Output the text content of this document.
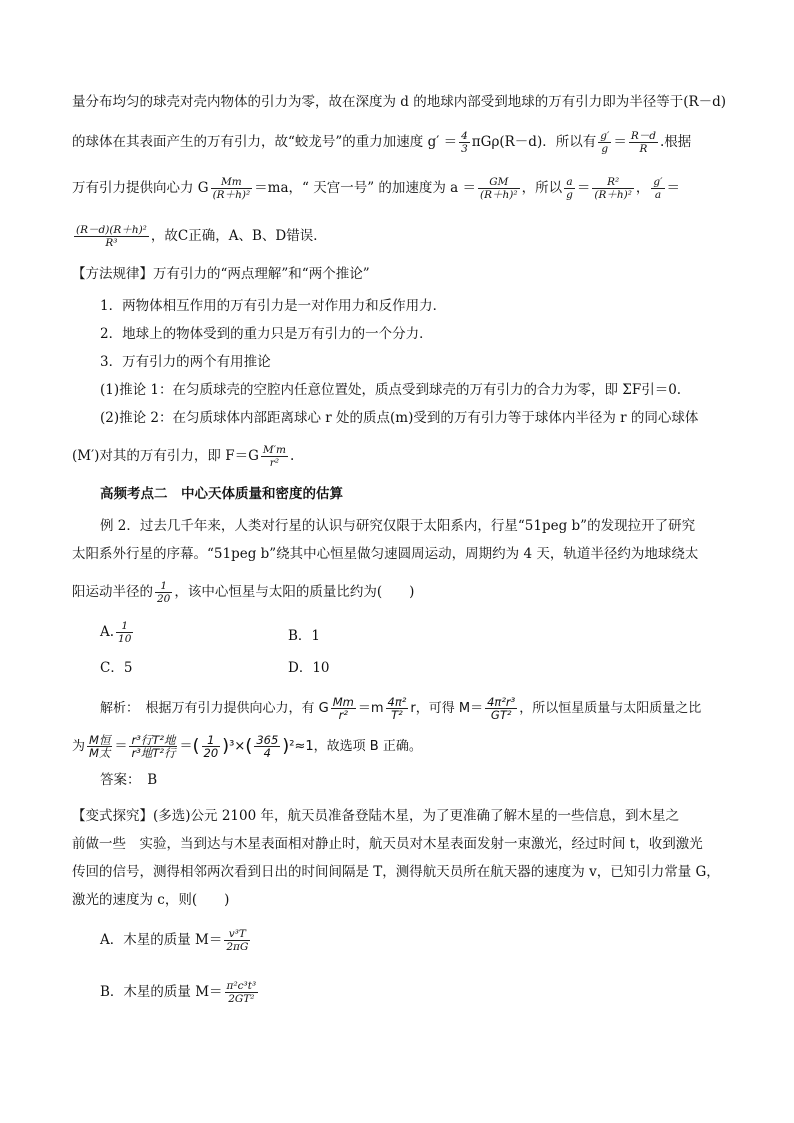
量分布均匀的球壳对壳内物体的引力为零，故在深度为 d 的地球内部受到地球的万有引力即为半径等于(R－d)
的球体在其表面产生的万有引力，故“蛟龙号”的重力加速度 $g' = \frac{4}{3} \pi G\rho(R-d)$．所以有 $\frac{g'}{g} = \frac{R-d}{R}$ .根据
万有引力提供向心力 G $\frac{Mm}{\text{(R＋h)²}} =ma$，“ 天宫一号” 的加速度为 $a = \frac{GM}{\text{(R＋h)²}}$ ，所以 $\frac{a}{g} = \frac{\text{R²}}{\text{(R＋h)²}}$ ， $\frac{g'}{a}$ ＝
$\frac{\text{(R－d)(R＋h)²}}{\text{R³}}$ ，故C正确，A、B、D错误．
【方法规律】万有引力的“两点理解”和“两个推论”
1．两物体相互作用的万有引力是一对作用力和反作用力．
2．地球上的物体受到的重力只是万有引力的一个分力．
3．万有引力的两个有用推论
(1)推论 1：在匀质球壳的空腔内任意位置处，质点受到球壳的万有引力的合力为零，即 ΣF引＝0.
(2)推论 2：在匀质球体内部距离球心 r 处的质点(m)受到的万有引力等于球体内半径为 r 的同心球体
(M′)对其的万有引力，即 $F=G \frac{M'm}{\text{r²}}$ .
高频考点二　中心天体质量和密度的估算
例 2．过去几千年来，人类对行星的认识与研究仅限于太阳系内，行星“51peg b”的发现拉开了研究
太阳系外行星的序幕。“51peg b”绕其中心恒星做匀速圆周运动，周期约为 4 天，轨道半径约为地球绕太
阳运动半径的 $\frac{1}{20}$ ，该中心恒星与太阳的质量比约为(　　)
A. $\frac{1}{10}$	B．1
C．5	D．10
解析：　根据万有引力提供向心力，有 G $\frac{Mm}{\text{r²}} =m \frac{\text{4π²}}{\text{T²}}$ r，可得 $M= \frac{\text{4π²r³}}{\text{GT²}}$ ，所以恒星质量与太阳质量之比
为 $\frac{\text{M恒}}{\text{M太}} = \frac{\text{r³行T²地}}{\text{r³地T²行}}$ ＝( $\frac{1}{20} )^3\times( \frac{365}{4} )^2\approx 1$，故选项 B 正确。
答案：　B
【变式探究】(多选)公元 2100 年，航天员准备登陆木星，为了更准确了解木星的一些信息，到木星之
前做一些　实验，当到达与木星表面相对静止时，航天员对木星表面发射一束激光，经过时间 t，收到激光
传回的信号，测得相邻两次看到日出的时间间隔是 T，测得航天员所在航天器的速度为 v，已知引力常量 G，
激光的速度为 c，则(　　)
A．木星的质量 $M= \frac{\text{v³T}}{2\pi G}$
B．木星的质量 $M= \frac{\text{π²c³t³}}{\text{2GT²}}$
